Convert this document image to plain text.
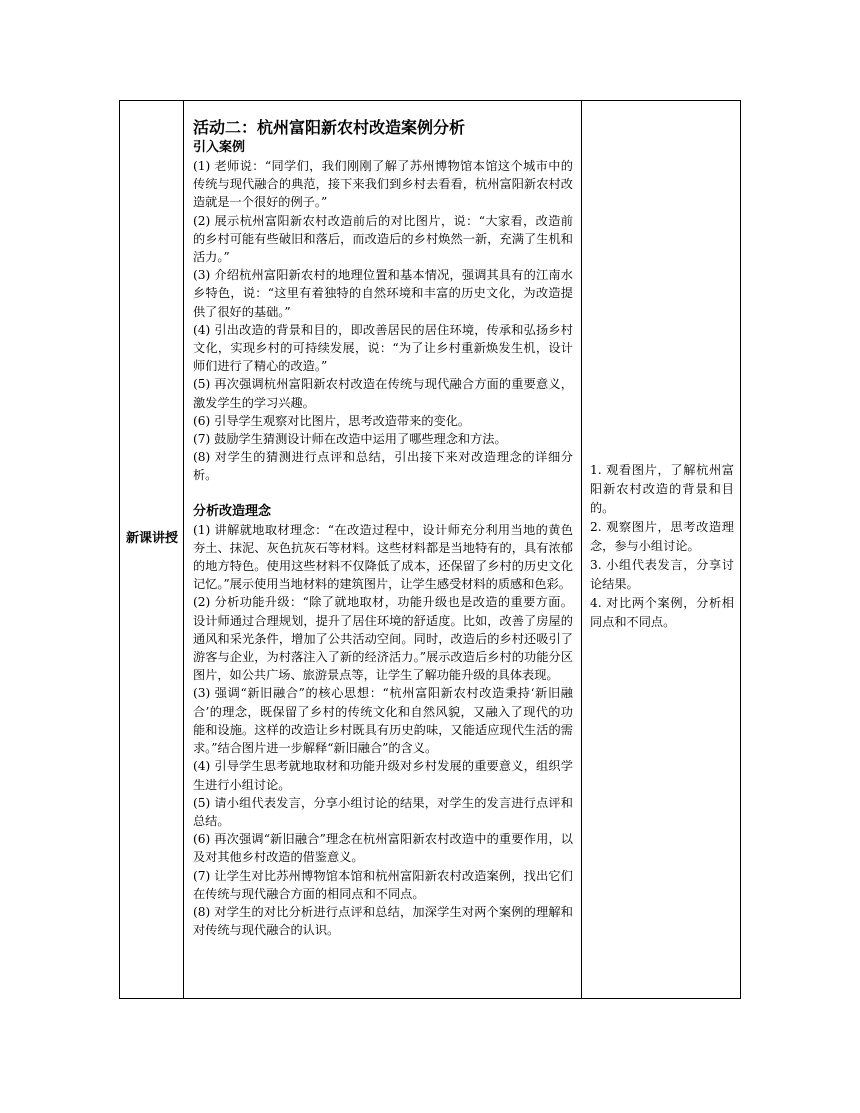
新课讲授

活动二：杭州富阳新农村改造案例分析

引入案例

(1) 老师说：“同学们，我们刚刚了解了苏州博物馆本馆这个城市中的传统与现代融合的典范，接下来我们到乡村去看看，杭州富阳新农村改造就是一个很好的例子。”

(2) 展示杭州富阳新农村改造前后的对比图片，说：“大家看，改造前的乡村可能有些破旧和落后，而改造后的乡村焕然一新，充满了生机和活力。”

(3) 介绍杭州富阳新农村的地理位置和基本情况，强调其具有的江南水乡特色，说：“这里有着独特的自然环境和丰富的历史文化，为改造提供了很好的基础。”

(4) 引出改造的背景和目的，即改善居民的居住环境，传承和弘扬乡村文化，实现乡村的可持续发展，说：“为了让乡村重新焕发生机，设计师们进行了精心的改造。”

(5) 再次强调杭州富阳新农村改造在传统与现代融合方面的重要意义，激发学生的学习兴趣。

(6) 引导学生观察对比图片，思考改造带来的变化。

(7) 鼓励学生猜测设计师在改造中运用了哪些理念和方法。

(8) 对学生的猜测进行点评和总结，引出接下来对改造理念的详细分析。

分析改造理念

(1) 讲解就地取材理念：“在改造过程中，设计师充分利用当地的黄色夯土、抹泥、灰色抗灰石等材料。这些材料都是当地特有的，具有浓郁的地方特色。使用这些材料不仅降低了成本，还保留了乡村的历史文化记忆。”展示使用当地材料的建筑图片，让学生感受材料的质感和色彩。

(2) 分析功能升级：“除了就地取材，功能升级也是改造的重要方面。设计师通过合理规划，提升了居住环境的舒适度。比如，改善了房屋的通风和采光条件，增加了公共活动空间。同时，改造后的乡村还吸引了游客与企业，为村落注入了新的经济活力。”展示改造后乡村的功能分区图片，如公共广场、旅游景点等，让学生了解功能升级的具体表现。

(3) 强调“新旧融合”的核心思想：“杭州富阳新农村改造秉持‘新旧融合’的理念，既保留了乡村的传统文化和自然风貌，又融入了现代的功能和设施。这样的改造让乡村既具有历史韵味，又能适应现代生活的需求。”结合图片进一步解释“新旧融合”的含义。

(4) 引导学生思考就地取材和功能升级对乡村发展的重要意义，组织学生进行小组讨论。

(5) 请小组代表发言，分享小组讨论的结果，对学生的发言进行点评和总结。

(6) 再次强调“新旧融合”理念在杭州富阳新农村改造中的重要作用，以及对其他乡村改造的借鉴意义。

(7) 让学生对比苏州博物馆本馆和杭州富阳新农村改造案例，找出它们在传统与现代融合方面的相同点和不同点。

(8) 对学生的对比分析进行点评和总结，加深学生对两个案例的理解和对传统与现代融合的认识。

1. 观看图片，了解杭州富阳新农村改造的背景和目的。

2. 观察图片，思考改造理念，参与小组讨论。

3. 小组代表发言，分享讨论结果。

4. 对比两个案例，分析相同点和不同点。
